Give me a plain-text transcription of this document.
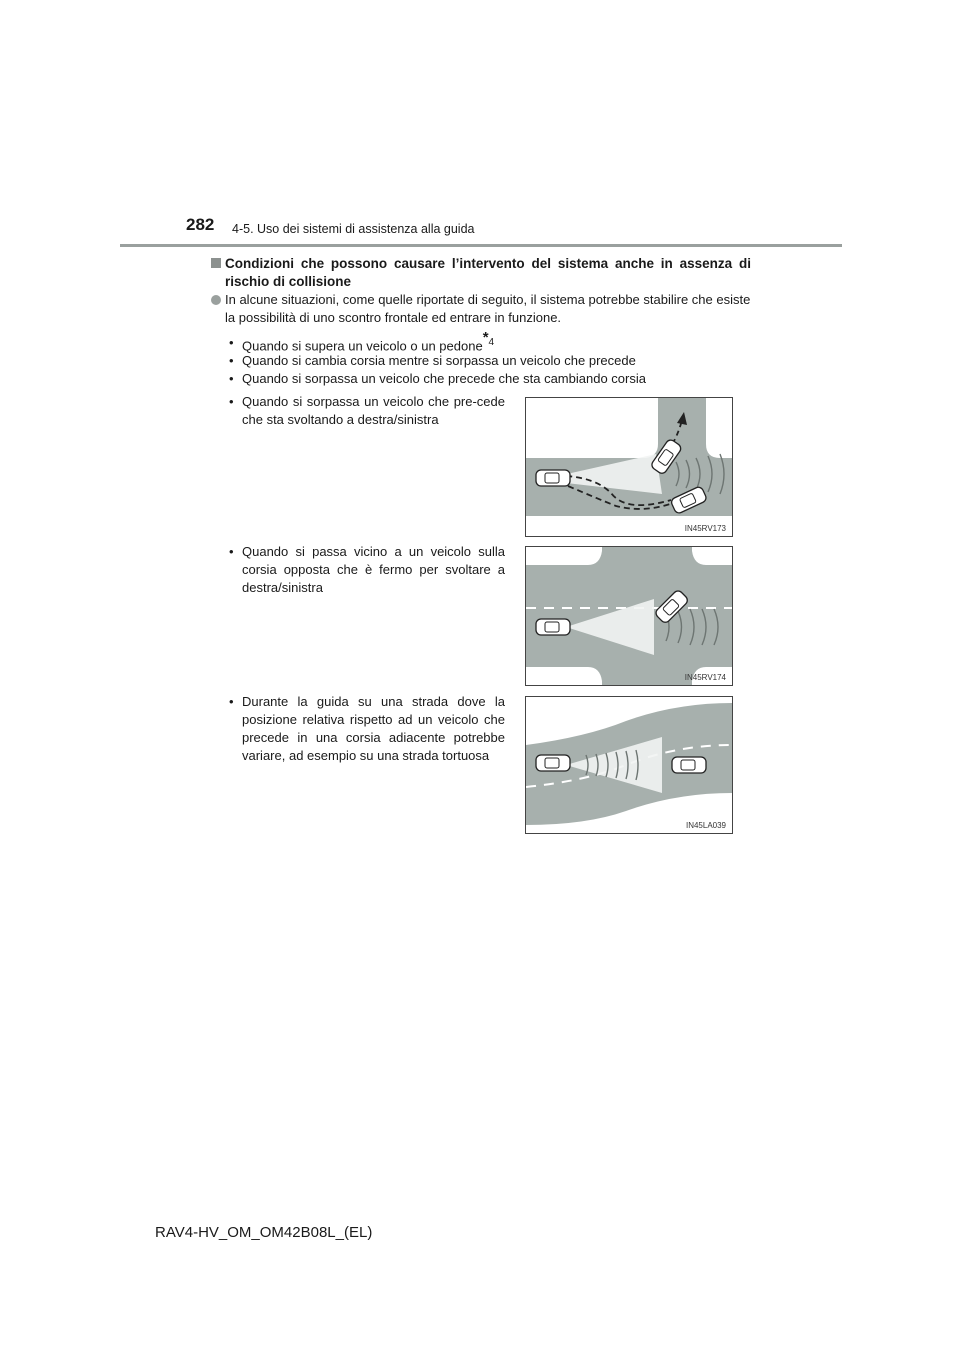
282 4-5. Uso dei sistemi di assistenza alla guida
Condizioni che possono causare l’intervento del sistema anche in assenza di rischio di collisione
In alcune situazioni, come quelle riportate di seguito, il sistema potrebbe stabilire che esiste la possibilità di uno scontro frontale ed entrare in funzione.
• Quando si supera un veicolo o un pedone*$^4$
• Quando si cambia corsia mentre si sorpassa un veicolo che precede
• Quando si sorpassa un veicolo che precede che sta cambiando corsia
• Quando si sorpassa un veicolo che pre-cede che sta svoltando a destra/sinistra
IN45RV173
• Quando si passa vicino a un veicolo sulla corsia opposta che è fermo per svoltare a destra/sinistra
IN45RV174
• Durante la guida su una strada dove la posizione relativa rispetto ad un veicolo che precede in una corsia adiacente potrebbe variare, ad esempio su una strada tortuosa
IN45LA039
RAV4-HV_OM_OM42B08L_(EL)
